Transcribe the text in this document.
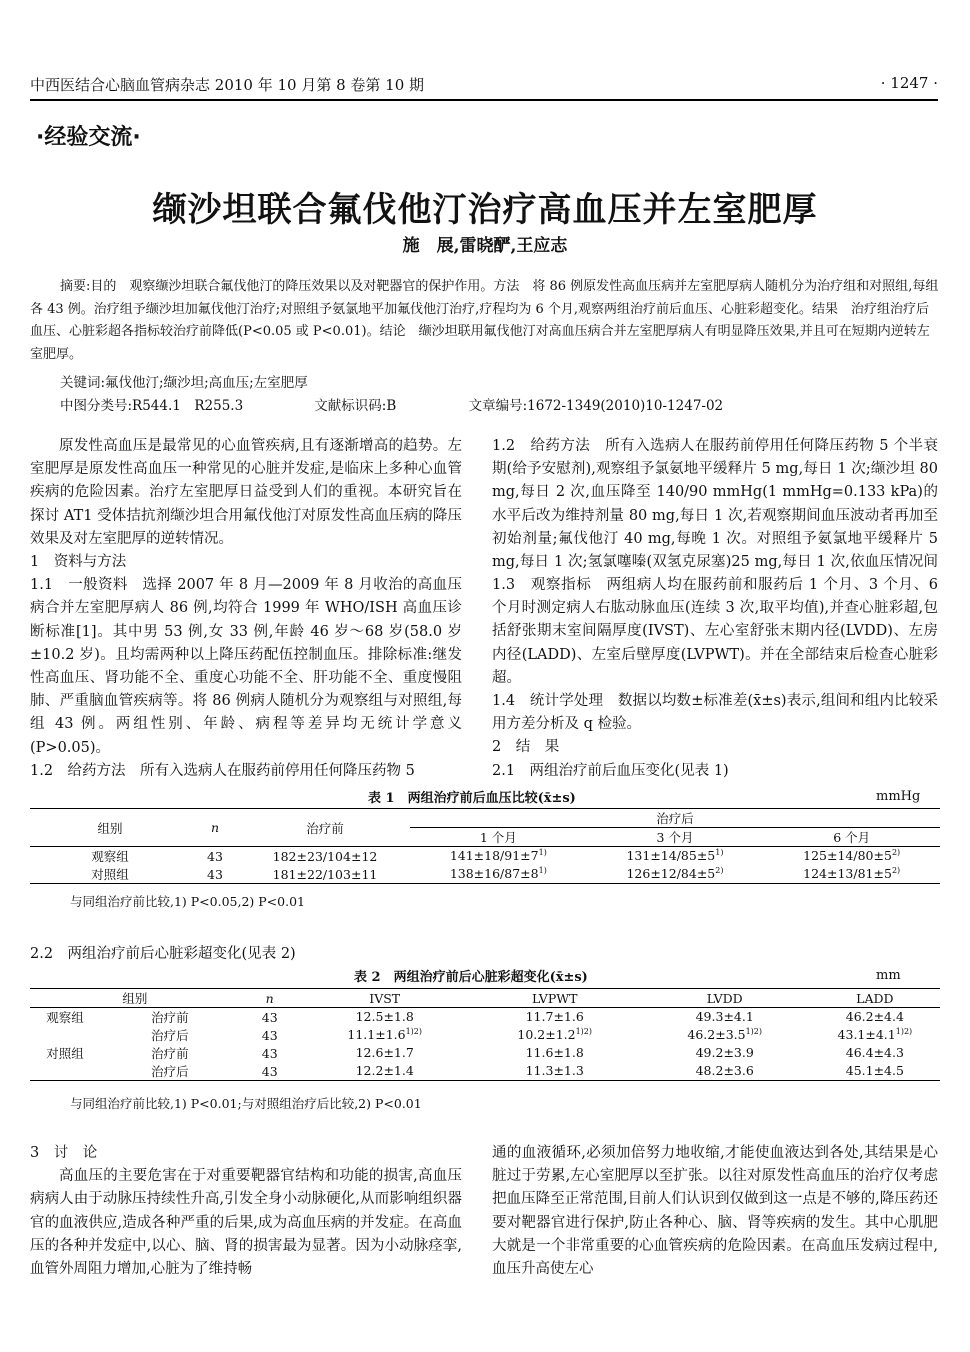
中西医结合心脑血管病杂志 2010 年 10 月第 8 卷第 10 期	· 1247 ·
·经验交流·
缬沙坦联合氟伐他汀治疗高血压并左室肥厚
施　展,雷晓酽,王应志

摘要:目的　观察缬沙坦联合氟伐他汀的降压效果以及对靶器官的保护作用。方法　将 86 例原发性高血压病并左室肥厚病人随机分为治疗组和对照组,每组各 43 例。治疗组予缬沙坦加氟伐他汀治疗;对照组予氨氯地平加氟伐他汀治疗,疗程均为 6 个月,观察两组治疗前后血压、心脏彩超变化。结果　治疗组治疗后血压、心脏彩超各指标较治疗前降低(P<0.05 或 P<0.01)。结论　缬沙坦联用氟伐他汀对高血压病合并左室肥厚病人有明显降压效果,并且可在短期内逆转左室肥厚。

关键词:氟伐他汀;缬沙坦;高血压;左室肥厚
中图分类号:R544.1　R255.3	文献标识码:B	文章编号:1672-1349(2010)10-1247-02

原发性高血压是最常见的心血管疾病,且有逐渐增高的趋势。左室肥厚是原发性高血压一种常见的心脏并发症,是临床上多种心血管疾病的危险因素。治疗左室肥厚日益受到人们的重视。本研究旨在探讨 AT1 受体拮抗剂缬沙坦合用氟伐他汀对原发性高血压病的降压效果及对左室肥厚的逆转情况。

1　资料与方法

1.1　一般资料　选择 2007 年 8 月—2009 年 8 月收治的高血压病合并左室肥厚病人 86 例,均符合 1999 年 WHO/ISH 高血压诊断标准[1]。其中男 53 例,女 33 例,年龄 46 岁～68 岁(58.0 岁±10.2 岁)。且均需两种以上降压药配伍控制血压。排除标准:继发性高血压、肾功能不全、重度心功能不全、肝功能不全、重度慢阻肺、严重脑血管疾病等。将 86 例病人随机分为观察组与对照组,每组 43 例。两组性别、年龄、病程等差异均无统计学意义(P>0.05)。

1.2　给药方法　所有入选病人在服药前停用任何降压药物 5

1.2　给药方法　所有入选病人在服药前停用任何降压药物 5 个半衰期(给予安慰剂),观察组予氯氨地平缓释片 5 mg,每日 1 次;缬沙坦 80 mg,每日 2 次,血压降至 140/90 mmHg(1 mmHg=0.133 kPa)的水平后改为维持剂量 80 mg,每日 1 次,若观察期间血压波动者再加至初始剂量;氟伐他汀 40 mg,每晚 1 次。对照组予氨氯地平缓释片 5 mg,每日 1 次;氢氯噻嗪(双氢克尿塞)25 mg,每日 1 次,依血压情况间

1.3　观察指标　两组病人均在服药前和服药后 1 个月、3 个月、6 个月时测定病人右肱动脉血压(连续 3 次,取平均值),并查心脏彩超,包括舒张期末室间隔厚度(IVST)、左心室舒张末期内径(LVDD)、左房内径(LADD)、左室后壁厚度(LVPWT)。并在全部结束后检查心脏彩超。

1.4　统计学处理　数据以均数±标准差(x̄±s)表示,组间和组内比较采用方差分析及 q 检验。

2　结　果

2.1　两组治疗前后血压变化(见表 1)

表 1　两组治疗前后血压比较(x̄±s)	mmHg
组别	n	治疗前	治疗后		
			1 个月	3 个月	6 个月
观察组	43	182±23/104±12	$141\pm 18/91\pm 7^{1)}$	$131\pm 14/85\pm 5^{1)}$	$125\pm 14/80\pm 5^{2)}$
对照组	43	181±22/103±11	$138\pm 16/87\pm 8^{1)}$	$126\pm 12/84\pm 5^{2)}$	$124\pm 13/81\pm 5^{2)}$
与同组治疗前比较,1) P<0.05,2) P<0.01
2.2　两组治疗前后心脏彩超变化(见表 2)
表 2　两组治疗前后心脏彩超变化(x̄±s)	mm
组别		n	IVST	LVPWT	LVDD	LADD
观察组	治疗前	43	12.5±1.8	11.7±1.6	49.3±4.1	46.2±4.4
	治疗后	43	$11.1\pm 1.6^{1)2)}$	$10.2\pm 1.2^{1)2)}$	$46.2\pm 3.5^{1)2)}$	$43.1\pm 4.1^{1)2)}$
对照组	治疗前	43	12.6±1.7	11.6±1.8	49.2±3.9	46.4±4.3
	治疗后	43	12.2±1.4	11.3±1.3	48.2±3.6	45.1±4.5
与同组治疗前比较,1) P<0.01;与对照组治疗后比较,2) P<0.01

3　讨　论

高血压的主要危害在于对重要靶器官结构和功能的损害,高血压病病人由于动脉压持续性升高,引发全身小动脉硬化,从而影响组织器官的血液供应,造成各种严重的后果,成为高血压病的并发症。在高血压的各种并发症中,以心、脑、肾的损害最为显著。因为小动脉痉挛,血管外周阻力增加,心脏为了维持畅

通的血液循环,必须加倍努力地收缩,才能使血液达到各处,其结果是心脏过于劳累,左心室肥厚以至扩张。以往对原发性高血压的治疗仅考虑把血压降至正常范围,目前人们认识到仅做到这一点是不够的,降压药还要对靶器官进行保护,防止各种心、脑、肾等疾病的发生。其中心肌肥大就是一个非常重要的心血管疾病的危险因素。在高血压发病过程中,血压升高使左心
